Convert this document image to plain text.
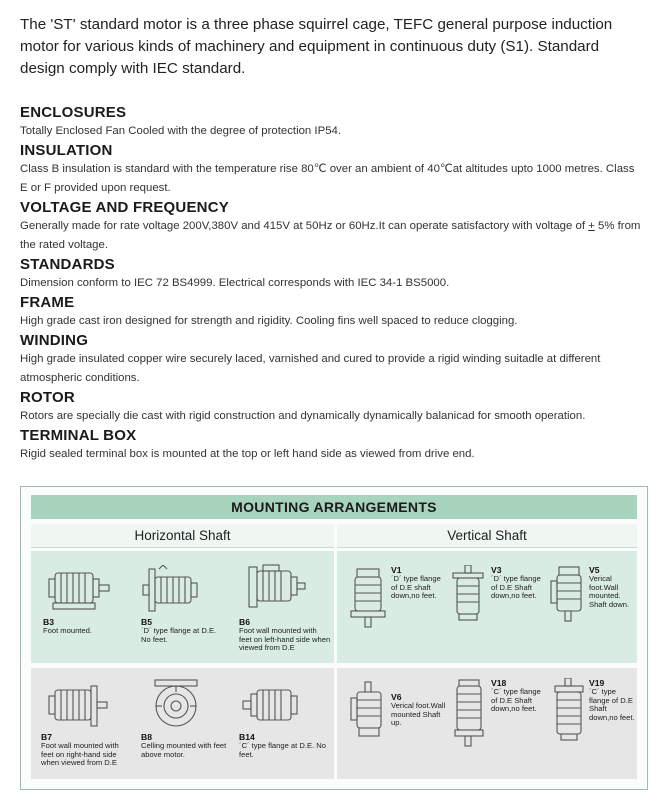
The 'ST' standard motor is a three phase squirrel cage, TEFC general purpose induction motor for various kinds of machinery and equipment in continuous duty (S1). Standard design comply with IEC standard.

ENCLOSURES

Totally Enclosed Fan Cooled with the degree of protection IP54.

INSULATION

Class B insulation is standard with the temperature rise 80℃ over an ambient of 40℃at altitudes upto 1000 metres. Class E or F provided upon request.

VOLTAGE AND FREQUENCY

Generally made for rate voltage 200V,380V and 415V at 50Hz or 60Hz.It can operate satisfactory with voltage of + 5% from the rated voltage.

STANDARDS

Dimension conform to IEC 72 BS4999. Electrical corresponds with IEC 34-1 BS5000.

FRAME

High grade cast iron designed for strength and rigidity. Cooling fins well spaced to reduce clogging.

WINDING

High grade insulated copper wire securely laced, varnished and cured to provide a rigid winding suitadle at different atmospheric conditions.

ROTOR

Rotors are specially die cast with rigid construction and dynamically dynamically balanicad for smooth operation.

TERMINAL BOX

Rigid sealed terminal box is mounted at the top or left hand side as viewed from drive end.

MOUNTING ARRANGEMENTS
Horizontal Shaft	Vertical Shaft
B3
Foot mounted.
B5
´D´ type flange at D.E. No feet.
B6
Foot wall mounted with feet on left-hand side when viewed from D.E
V1
´D´ type flange of D.E shaft down,no feet.
V3
´D´ type flange of D.E Shaft down,no feet.
V5
Verical foot.Wall mounted. Shaft down.
B7
Foot wall mounted with feet on right-hand side when viewed from D.E
B8
Celling mounted with feet above motor.
B14
´C´ type flange at D.E. No feet.
V6
Verical foot.Wall mounted Shaft up.
V18
´C´ type flange of D.E Shaft down,no feet.
V19
´C´ type flange of D.E Shaft down,no feet.
